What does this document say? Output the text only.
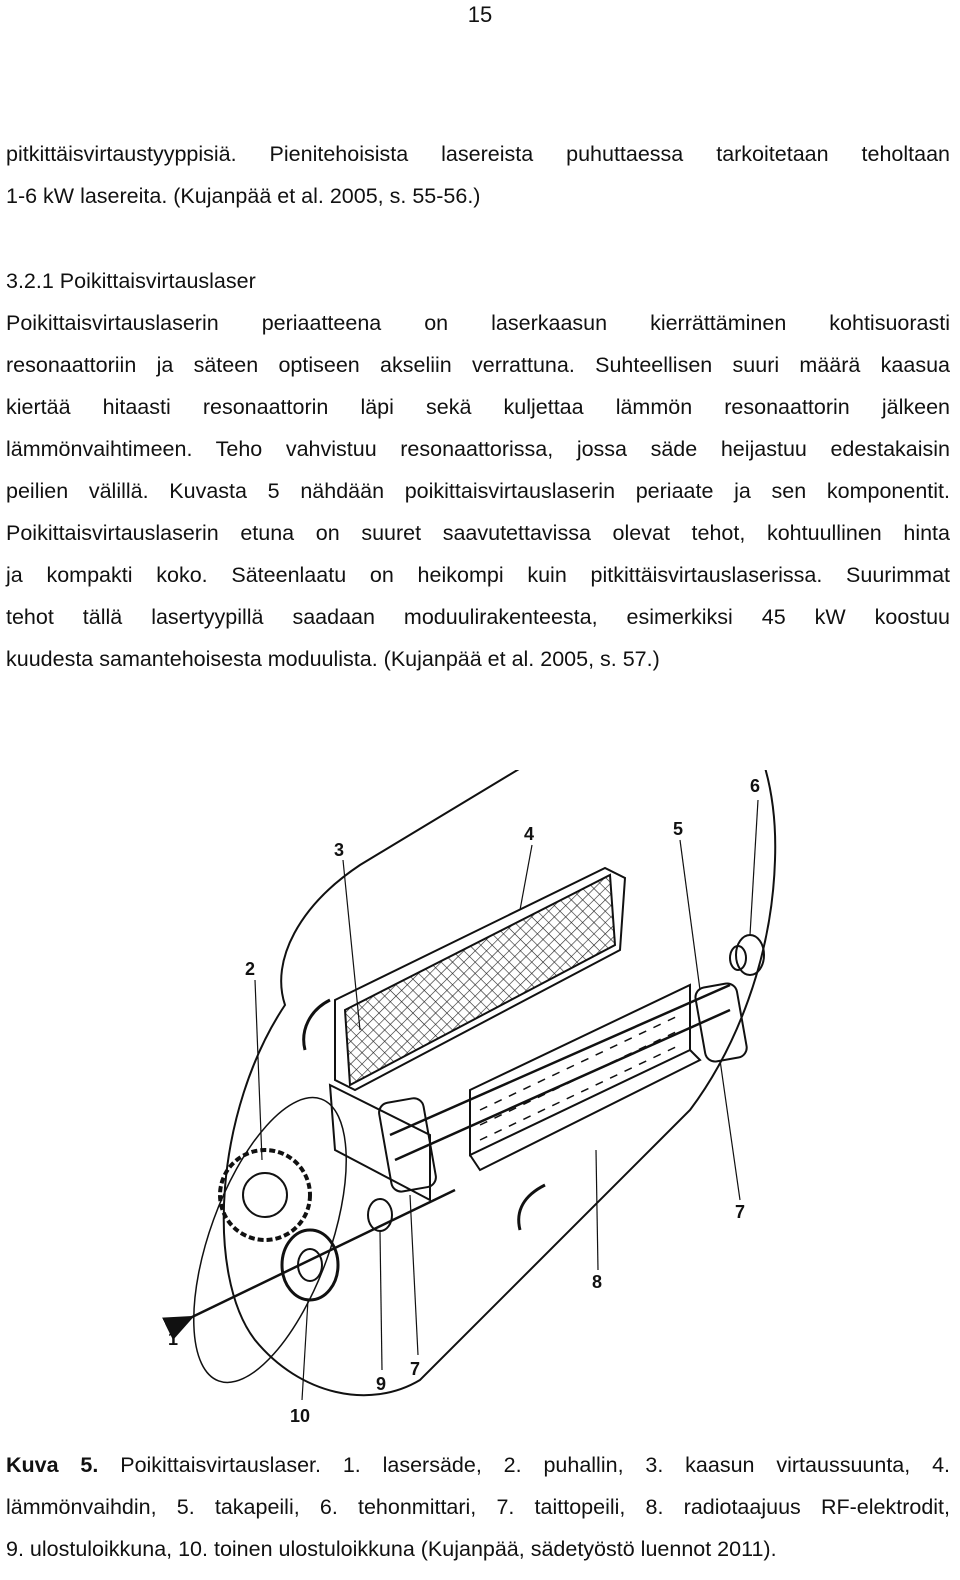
15

pitkittäisvirtaustyyppisiä. Pienitehoisista lasereista puhuttaessa tarkoitetaan teholtaan
1-6 kW lasereita. (Kujanpää et al. 2005, s. 55-56.)

3.2.1 Poikittaisvirtauslaser

Poikittaisvirtauslaserin periaatteena on laserkaasun kierrättäminen kohtisuorasti
resonaattoriin ja säteen optiseen akseliin verrattuna. Suhteellisen suuri määrä kaasua
kiertää hitaasti resonaattorin läpi sekä kuljettaa lämmön resonaattorin jälkeen
lämmönvaihtimeen. Teho vahvistuu resonaattorissa, jossa säde heijastuu edestakaisin
peilien välillä. Kuvasta 5 nähdään poikittaisvirtauslaserin periaate ja sen komponentit.
Poikittaisvirtauslaserin etuna on suuret saavutettavissa olevat tehot, kohtuullinen hinta
ja kompakti koko. Säteenlaatu on heikompi kuin pitkittäisvirtauslaserissa. Suurimmat
tehot tällä lasertyypillä saadaan moduulirakenteesta, esimerkiksi 45 kW koostuu
kuudesta samantehoisesta moduulista. (Kujanpää et al. 2005, s. 57.)

1
2
3
4	5
6
7
7
8
9
10

Kuva 5. Poikittaisvirtauslaser. 1. lasersäde, 2. puhallin, 3. kaasun virtaussuunta, 4.
lämmönvaihdin, 5. takapeili, 6. tehonmittari, 7. taittopeili, 8. radiotaajuus RF-elektrodit,
9. ulostuloikkuna, 10. toinen ulostuloikkuna (Kujanpää, sädetyöstö luennot 2011).
